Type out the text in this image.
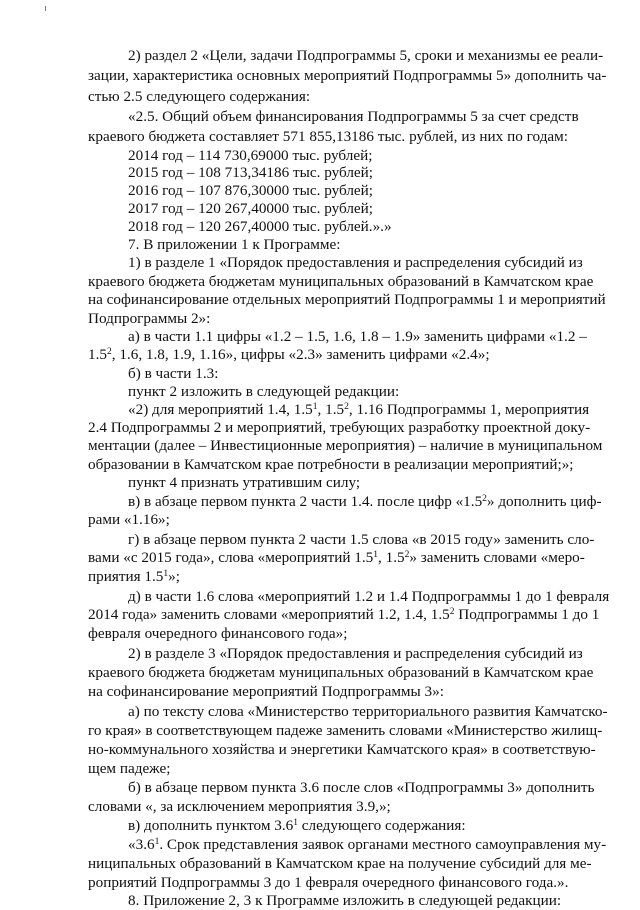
2) раздел 2 «Цели, задачи Подпрограммы 5, сроки и механизмы ее реали-
зации, характеристика основных мероприятий Подпрограммы 5» дополнить ча-
стью 2.5 следующего содержания:
«2.5. Общий объем финансирования Подпрограммы 5 за счет средств
краевого бюджета составляет 571 855,13186 тыс. рублей, из них по годам:
2014 год – 114 730,69000 тыс. рублей;
2015 год – 108 713,34186 тыс. рублей;
2016 год – 107 876,30000 тыс. рублей;
2017 год – 120 267,40000 тыс. рублей;
2018 год – 120 267,40000 тыс. рублей.».»
7. В приложении 1 к Программе:
1) в разделе 1 «Порядок предоставления и распределения субсидий из
краевого бюджета бюджетам муниципальных образований в Камчатском крае
на софинансирование отдельных мероприятий Подпрограммы 1 и мероприятий
Подпрограммы 2»:
а) в части 1.1 цифры «1.2 – 1.5, 1.6, 1.8 – 1.9» заменить цифрами «1.2 –
$1.5^2$, 1.6, 1.8, 1.9, 1.16», цифры «2.3» заменить цифрами «2.4»;
б) в части 1.3:
пункт 2 изложить в следующей редакции:
«2) для мероприятий 1.4, $1.5^1$, $1.5^2$, 1.16 Подпрограммы 1, мероприятия
2.4 Подпрограммы 2 и мероприятий, требующих разработку проектной доку-
ментации (далее – Инвестиционные мероприятия) – наличие в муниципальном
образовании в Камчатском крае потребности в реализации мероприятий;»;
пункт 4 признать утратившим силу;
в) в абзаце первом пункта 2 части 1.4. после цифр «$1.5^2$» дополнить циф-
рами «1.16»;
г) в абзаце первом пункта 2 части 1.5 слова «в 2015 году» заменить сло-
вами «с 2015 года», слова «мероприятий $1.5^1$, $1.5^2$» заменить словами «меро-
приятия $1.5^1$»;
д) в части 1.6 слова «мероприятий 1.2 и 1.4 Подпрограммы 1 до 1 февраля
2014 года» заменить словами «мероприятий 1.2, 1.4, $1.5^2$ Подпрограммы 1 до 1
февраля очередного финансового года»;
2) в разделе 3 «Порядок предоставления и распределения субсидий из
краевого бюджета бюджетам муниципальных образований в Камчатском крае
на софинансирование мероприятий Подпрограммы 3»:
а) по тексту слова «Министерство территориального развития Камчатско-
го края» в соответствующем падеже заменить словами «Министерство жилищ-
но-коммунального хозяйства и энергетики Камчатского края» в соответствую-
щем падеже;
б) в абзаце первом пункта 3.6 после слов «Подпрограммы 3» дополнить
словами «, за исключением мероприятия 3.9,»;
в) дополнить пунктом $3.6^1$ следующего содержания:
«$3.6^1$. Срок представления заявок органами местного самоуправления му-
ниципальных образований в Камчатском крае на получение субсидий для ме-
роприятий Подпрограммы 3 до 1 февраля очередного финансового года.».
8. Приложение 2, 3 к Программе изложить в следующей редакции:
